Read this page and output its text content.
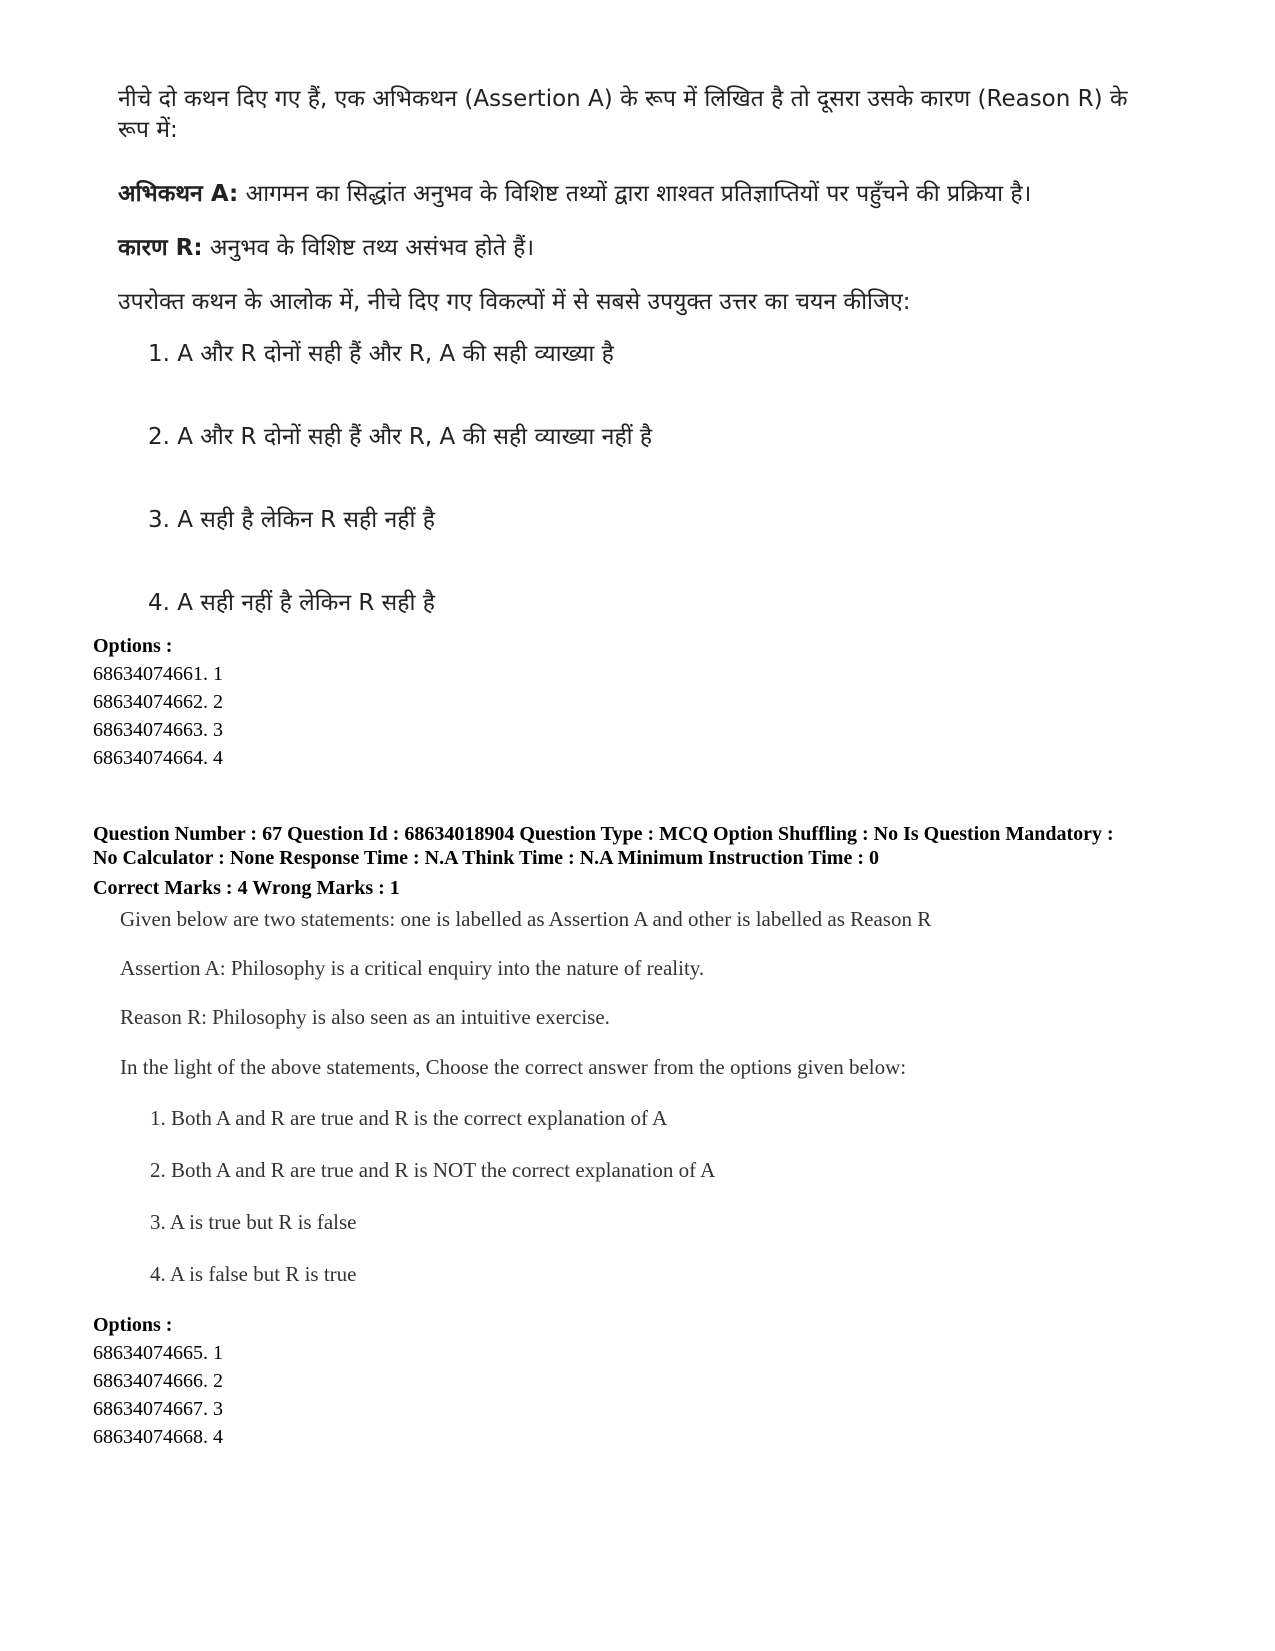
नीचे दो कथन दिए गए हैं, एक अभिकथन (Assertion A) के रूप में लिखित है तो दूसरा उसके कारण (Reason R) के रूप में:

अभिकथन A: आगमन का सिद्धांत अनुभव के विशिष्ट तथ्यों द्वारा शाश्वत प्रतिज्ञाप्तियों पर पहुँचने की प्रक्रिया है।

कारण R: अनुभव के विशिष्ट तथ्य असंभव होते हैं।

उपरोक्त कथन के आलोक में, नीचे दिए गए विकल्पों में से सबसे उपयुक्त उत्तर का चयन कीजिए:

1. A और R दोनों सही हैं और R, A की सही व्याख्या है

2. A और R दोनों सही हैं और R, A की सही व्याख्या नहीं है

3. A सही है लेकिन R सही नहीं है

4. A सही नहीं है लेकिन R सही है

Options :
68634074661. 1
68634074662. 2
68634074663. 3
68634074664. 4
Question Number : 67 Question Id : 68634018904 Question Type : MCQ Option Shuffling : No Is Question Mandatory :
No Calculator : None Response Time : N.A Think Time : N.A Minimum Instruction Time : 0
Correct Marks : 4 Wrong Marks : 1
Given below are two statements: one is labelled as Assertion A and other is labelled as Reason R
Assertion A: Philosophy is a critical enquiry into the nature of reality.
Reason R: Philosophy is also seen as an intuitive exercise.
In the light of the above statements, Choose the correct answer from the options given below:
1. Both A and R are true and R is the correct explanation of A
2. Both A and R are true and R is NOT the correct explanation of A
3. A is true but R is false
4. A is false but R is true
Options :
68634074665. 1
68634074666. 2
68634074667. 3
68634074668. 4
